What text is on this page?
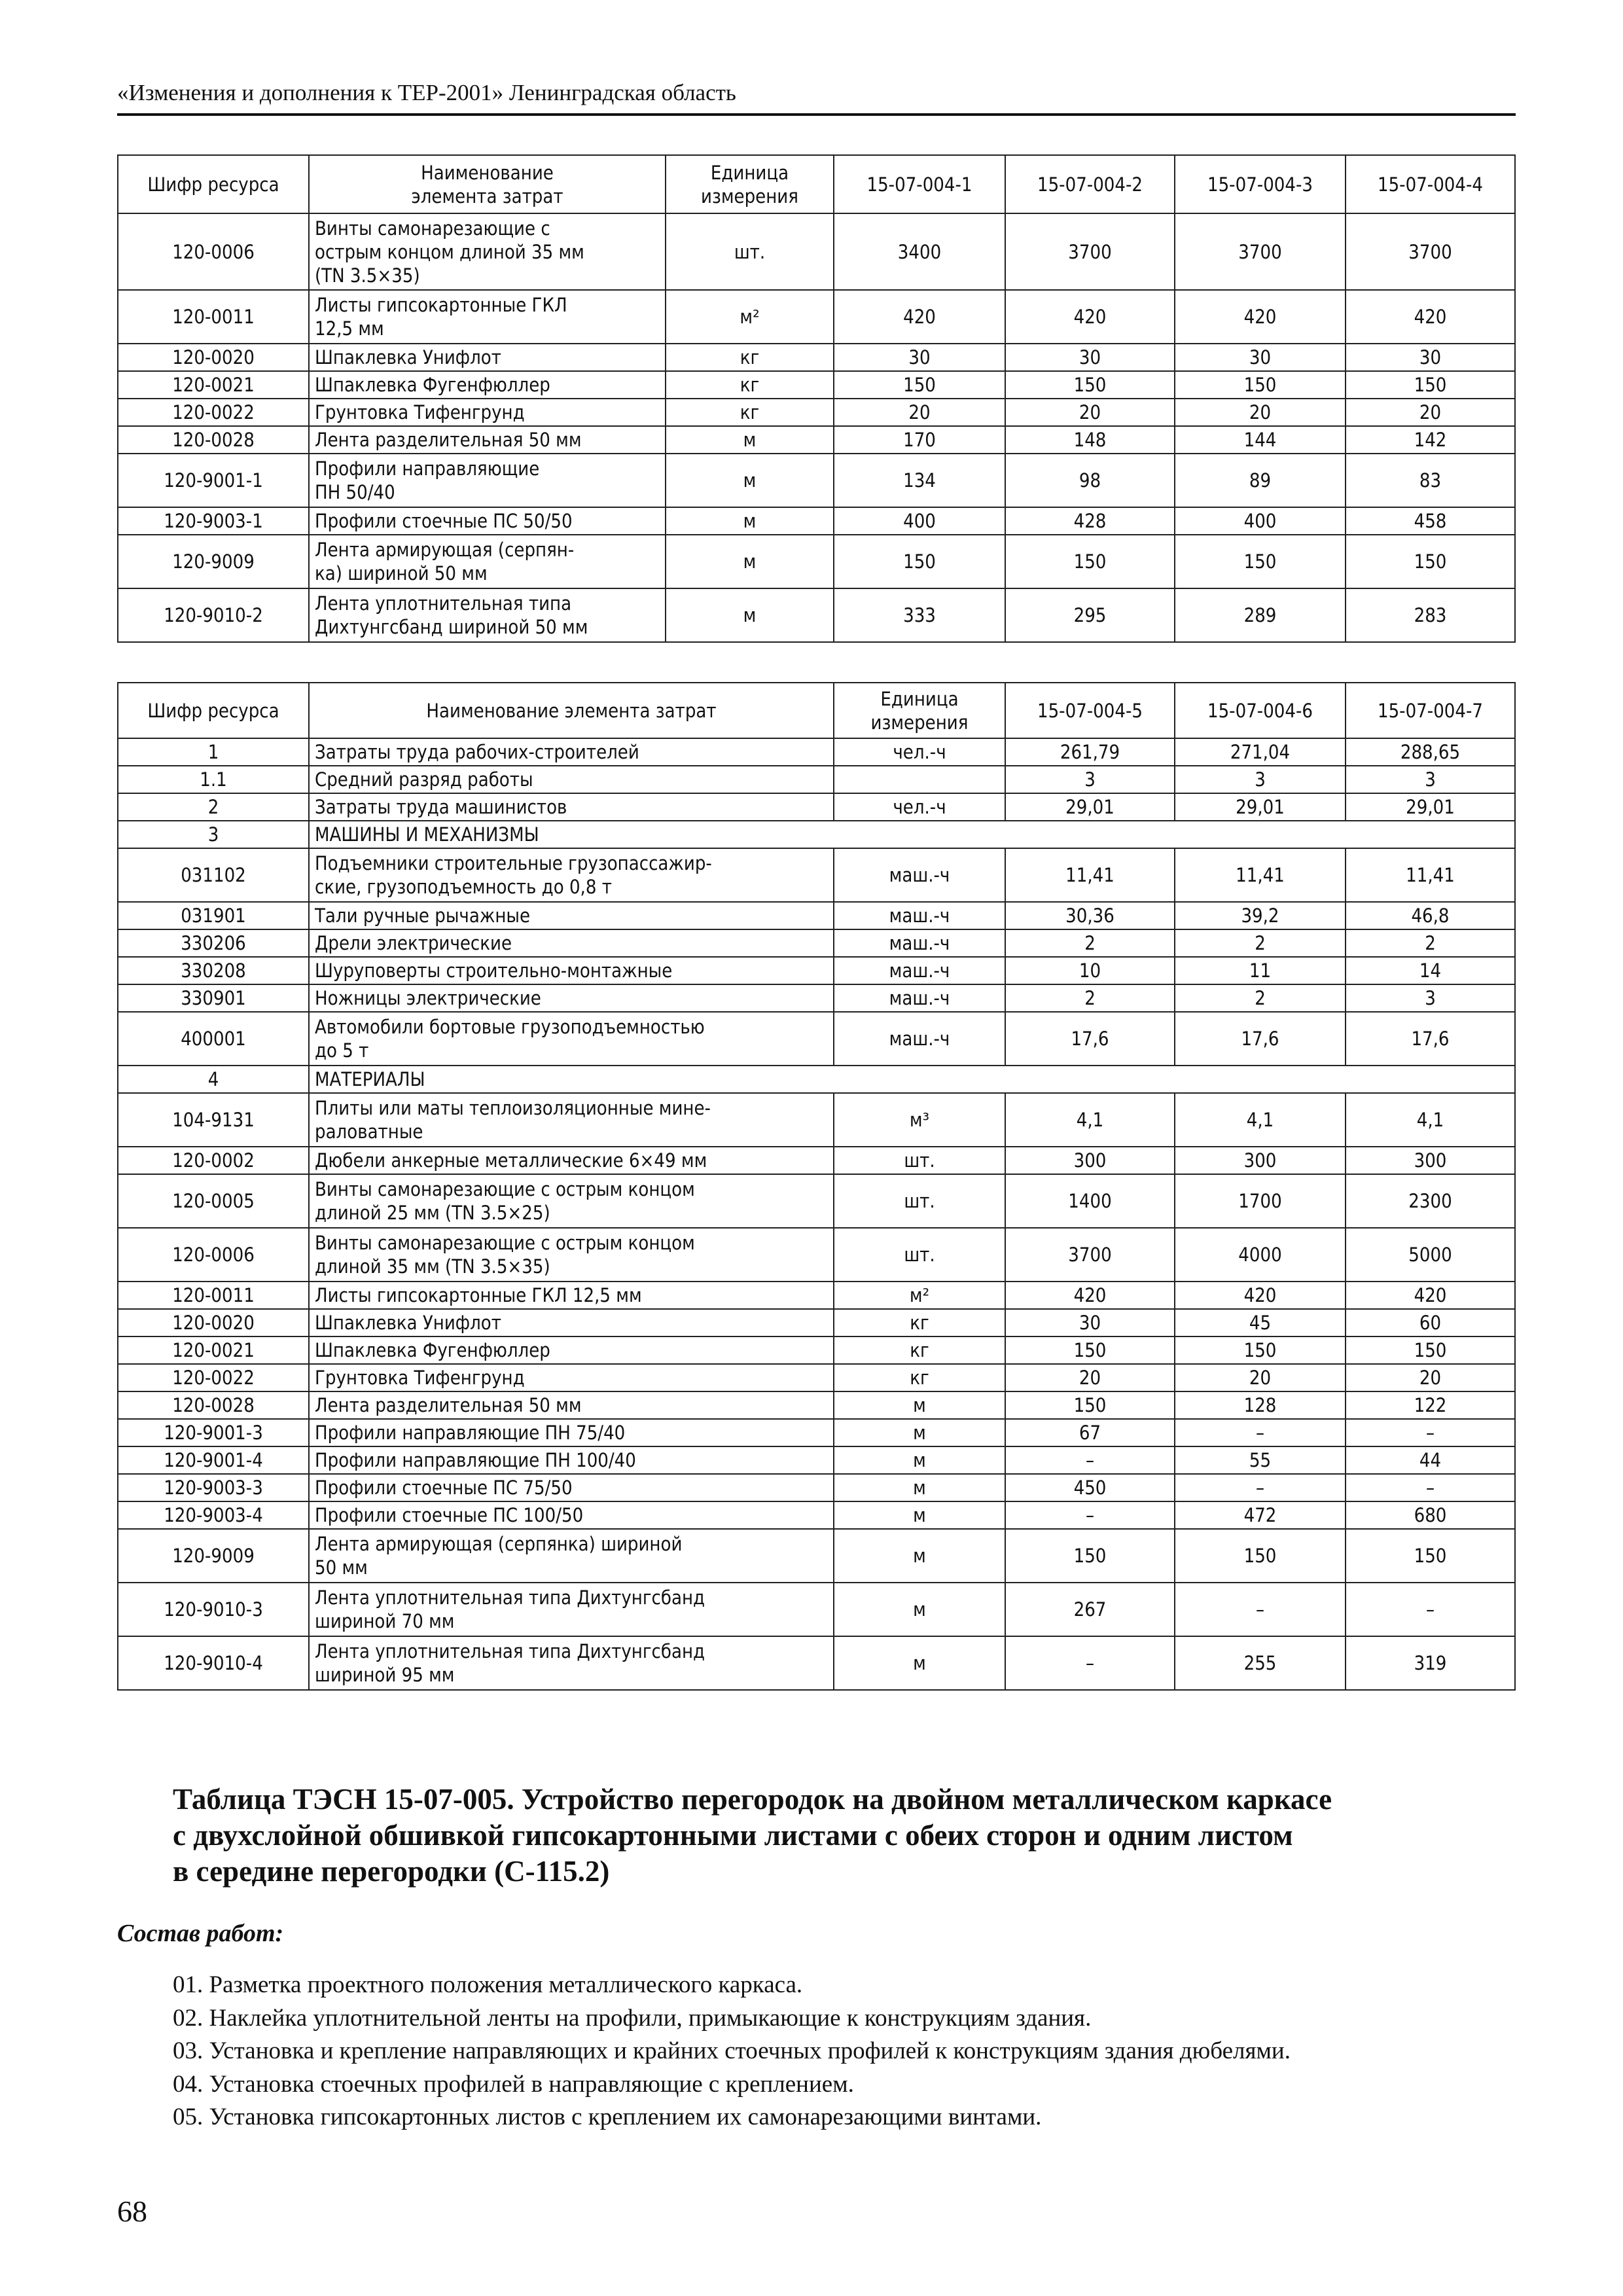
«Изменения и дополнения к ТЕР-2001» Ленинградская область
Шифр ресурса	Наименование
элемента затрат	Единица
измерения	15-07-004-1	15-07-004-2	15-07-004-3	15-07-004-4
120-0006	Винты самонарезающие с
острым концом длиной 35 мм
(TN 3.5×35)	шт.	3400	3700	3700	3700
120-0011	Листы гипсокартонные ГКЛ
12,5 мм	м²	420	420	420	420
120-0020	Шпаклевка Унифлот	кг	30	30	30	30
120-0021	Шпаклевка Фугенфюллер	кг	150	150	150	150
120-0022	Грунтовка Тифенгрунд	кг	20	20	20	20
120-0028	Лента разделительная 50 мм	м	170	148	144	142
120-9001-1	Профили направляющие
ПН 50/40	м	134	98	89	83
120-9003-1	Профили стоечные ПС 50/50	м	400	428	400	458
120-9009	Лента армирующая (серпян-
ка) шириной 50 мм	м	150	150	150	150
120-9010-2	Лента уплотнительная типа
Дихтунгсбанд шириной 50 мм	м	333	295	289	283
Шифр ресурса	Наименование элемента затрат	Единица
измерения	15-07-004-5	15-07-004-6	15-07-004-7
1	Затраты труда рабочих-строителей	чел.-ч	261,79	271,04	288,65
1.1	Средний разряд работы		3	3	3
2	Затраты труда машинистов	чел.-ч	29,01	29,01	29,01
3	МАШИНЫ И МЕХАНИЗМЫ				
031102	Подъемники строительные грузопассажир-
ские, грузоподъемность до 0,8 т	маш.-ч	11,41	11,41	11,41
031901	Тали ручные рычажные	маш.-ч	30,36	39,2	46,8
330206	Дрели электрические	маш.-ч	2	2	2
330208	Шуруповерты строительно-монтажные	маш.-ч	10	11	14
330901	Ножницы электрические	маш.-ч	2	2	3
400001	Автомобили бортовые грузоподъемностью
до 5 т	маш.-ч	17,6	17,6	17,6
4	МАТЕРИАЛЫ				
104-9131	Плиты или маты теплоизоляционные мине-
раловатные	м³	4,1	4,1	4,1
120-0002	Дюбели анкерные металлические 6×49 мм	шт.	300	300	300
120-0005	Винты самонарезающие с острым концом
длиной 25 мм (TN 3.5×25)	шт.	1400	1700	2300
120-0006	Винты самонарезающие с острым концом
длиной 35 мм (TN 3.5×35)	шт.	3700	4000	5000
120-0011	Листы гипсокартонные ГКЛ 12,5 мм	м²	420	420	420
120-0020	Шпаклевка Унифлот	кг	30	45	60
120-0021	Шпаклевка Фугенфюллер	кг	150	150	150
120-0022	Грунтовка Тифенгрунд	кг	20	20	20
120-0028	Лента разделительная 50 мм	м	150	128	122
120-9001-3	Профили направляющие ПН 75/40	м	67	–	–
120-9001-4	Профили направляющие ПН 100/40	м	–	55	44
120-9003-3	Профили стоечные ПС 75/50	м	450	–	–
120-9003-4	Профили стоечные ПС 100/50	м	–	472	680
120-9009	Лента армирующая (серпянка) шириной
50 мм	м	150	150	150
120-9010-3	Лента уплотнительная типа Дихтунгсбанд
шириной 70 мм	м	267	–	–
120-9010-4	Лента уплотнительная типа Дихтунгсбанд
шириной 95 мм	м	–	255	319
Таблица ТЭСН 15-07-005. Устройство перегородок на двойном металлическом каркасе
с двухслойной обшивкой гипсокартонными листами с обеих сторон и одним листом
в середине перегородки (С-115.2)
Состав работ:
01. Разметка проектного положения металлического каркаса.
02. Наклейка уплотнительной ленты на профили, примыкающие к конструкциям здания.
03. Установка и крепление направляющих и крайних стоечных профилей к конструкциям здания дюбелями.
04. Установка стоечных профилей в направляющие с креплением.
05. Установка гипсокартонных листов с креплением их самонарезающими винтами.
68
